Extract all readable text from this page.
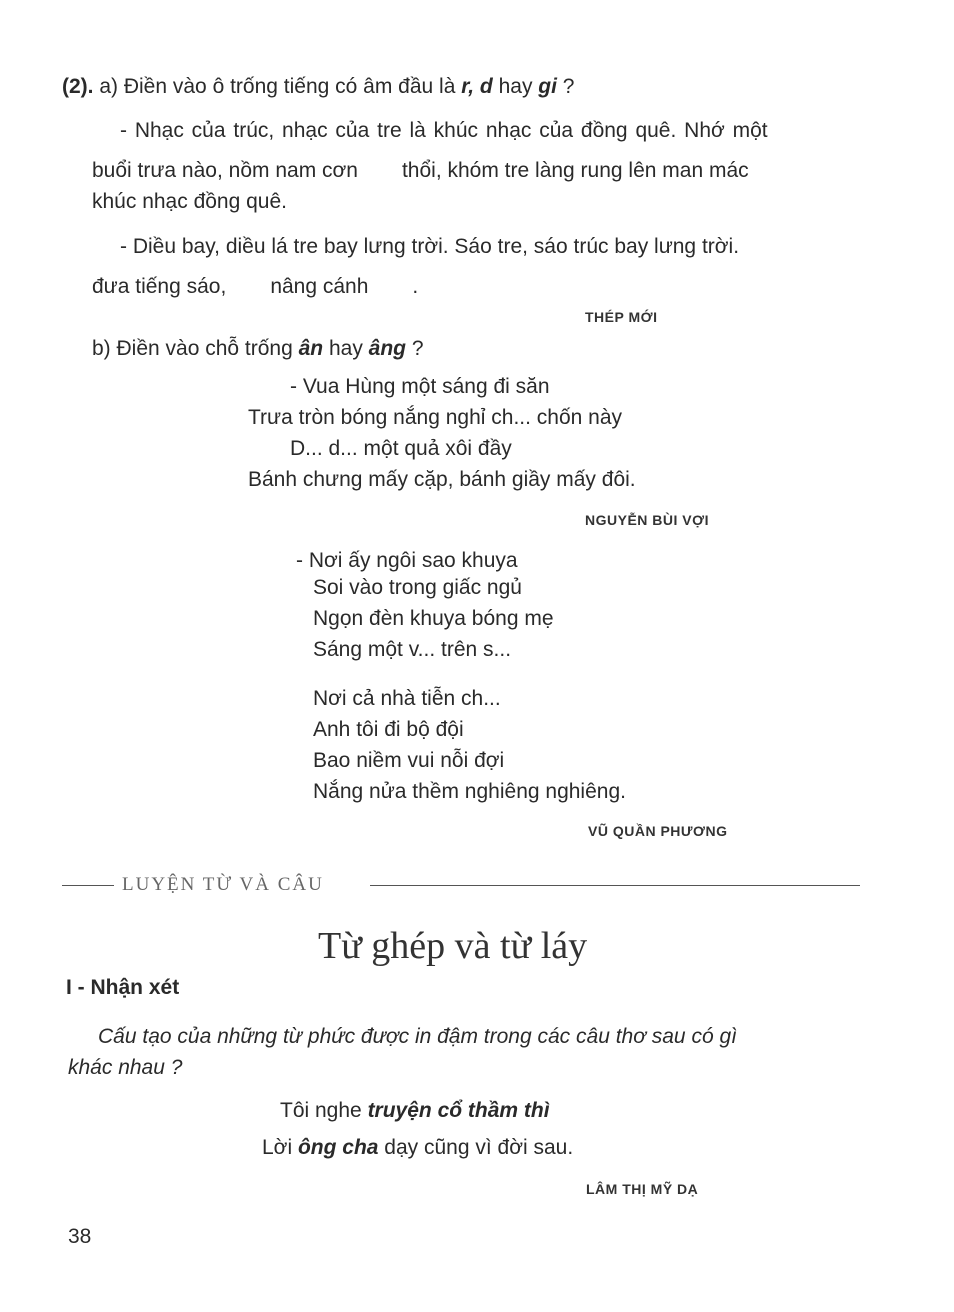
(2). a) Điền vào ô trống tiếng có âm đầu là r, d hay gi ?
- Nhạc của trúc, nhạc của tre là khúc nhạc của đồng quê. Nhớ một
buổi trưa nào, nồm nam cơn thổi, khóm tre làng rung lên man mác
khúc nhạc đồng quê.
- Diều bay, diều lá tre bay lưng trời. Sáo tre, sáo trúc bay lưng trời.
đưa tiếng sáo, nâng cánh .
THÉP MỚI
b) Điền vào chỗ trống ân hay âng ?
- Vua Hùng một sáng đi săn
Trưa tròn bóng nắng nghỉ ch... chốn này
D... d... một quả xôi đầy
Bánh chưng mấy cặp, bánh giầy mấy đôi.
NGUYỄN BÙI VỢI
- Nơi ấy ngôi sao khuya
Soi vào trong giấc ngủ
Ngọn đèn khuya bóng mẹ
Sáng một v... trên s...
Nơi cả nhà tiễn ch...
Anh tôi đi bộ đội
Bao niềm vui nỗi đợi
Nắng nửa thềm nghiêng nghiêng.
VŨ QUẦN PHƯƠNG
LUYỆN TỪ VÀ CÂU
Từ ghép và từ láy
I - Nhận xét
Cấu tạo của những từ phức được in đậm trong các câu thơ sau có gì
khác nhau ?
Tôi nghe truyện cổ thầm thì
Lời ông cha dạy cũng vì đời sau.
LÂM THỊ MỸ DẠ
38
